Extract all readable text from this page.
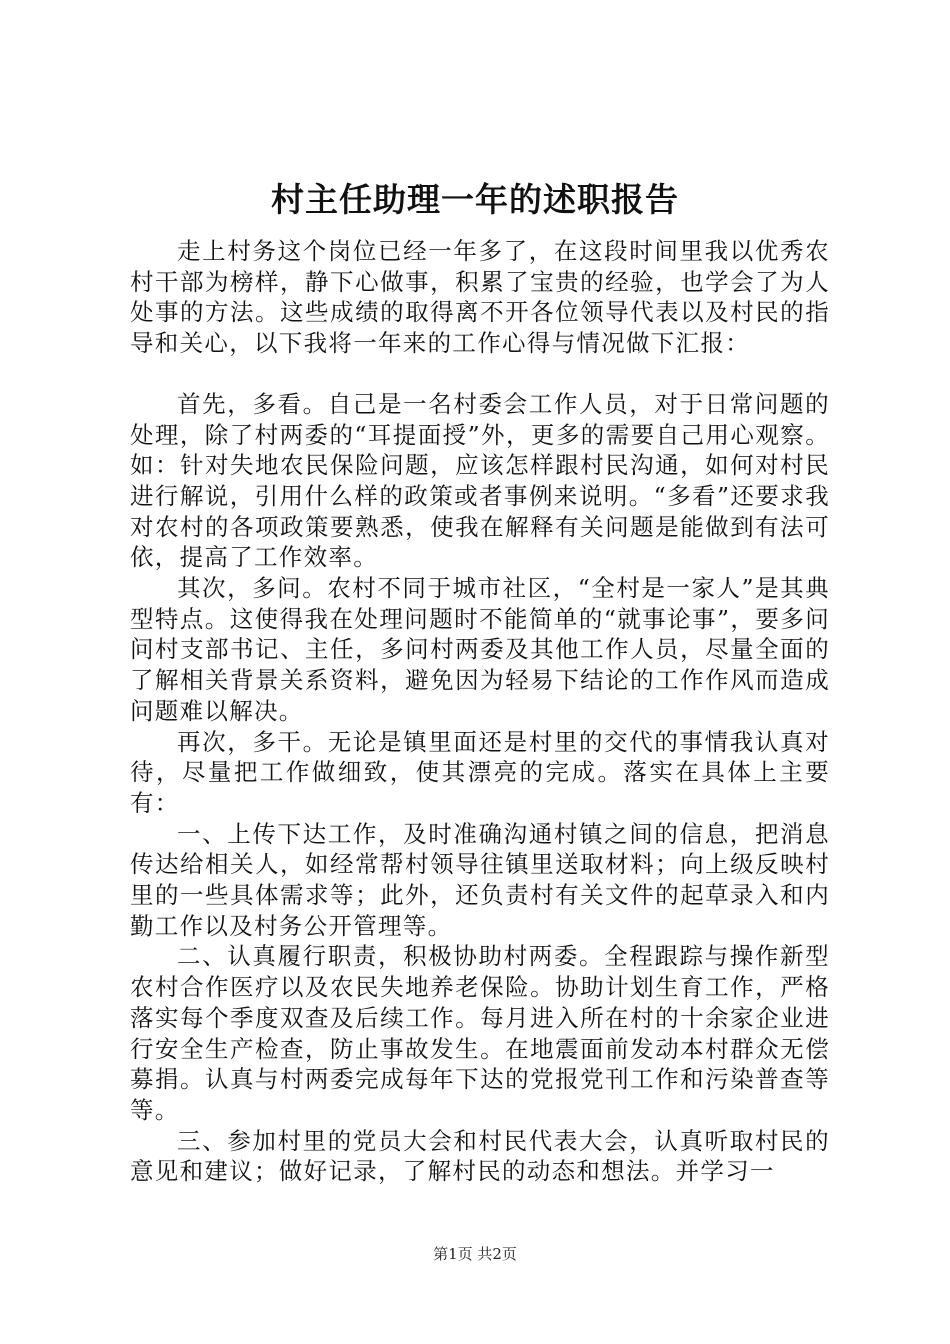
村主任助理一年的述职报告

走上村务这个岗位已经一年多了，在这段时间里我以优秀农村干部为榜样，静下心做事，积累了宝贵的经验，也学会了为人处事的方法。这些成绩的取得离不开各位领导代表以及村民的指导和关心，以下我将一年来的工作心得与情况做下汇报：

首先，多看。自己是一名村委会工作人员，对于日常问题的处理，除了村两委的“耳提面授”外，更多的需要自己用心观察。如：针对失地农民保险问题，应该怎样跟村民沟通，如何对村民进行解说，引用什么样的政策或者事例来说明。“多看”还要求我对农村的各项政策要熟悉，使我在解释有关问题是能做到有法可依，提高了工作效率。

其次，多问。农村不同于城市社区，“全村是一家人”是其典型特点。这使得我在处理问题时不能简单的“就事论事”，要多问问村支部书记、主任，多问村两委及其他工作人员，尽量全面的了解相关背景关系资料，避免因为轻易下结论的工作作风而造成问题难以解决。

再次，多干。无论是镇里面还是村里的交代的事情我认真对待，尽量把工作做细致，使其漂亮的完成。落实在具体上主要有：

一、上传下达工作，及时准确沟通村镇之间的信息，把消息传达给相关人，如经常帮村领导往镇里送取材料；向上级反映村里的一些具体需求等；此外，还负责村有关文件的起草录入和内勤工作以及村务公开管理等。

二、认真履行职责，积极协助村两委。全程跟踪与操作新型农村合作医疗以及农民失地养老保险。协助计划生育工作，严格落实每个季度双查及后续工作。每月进入所在村的十余家企业进行安全生产检查，防止事故发生。在地震面前发动本村群众无偿募捐。认真与村两委完成每年下达的党报党刊工作和污染普查等等。

三、参加村里的党员大会和村民代表大会，认真听取村民的意见和建议；做好记录，了解村民的动态和想法。并学习一

第1页 共2页
